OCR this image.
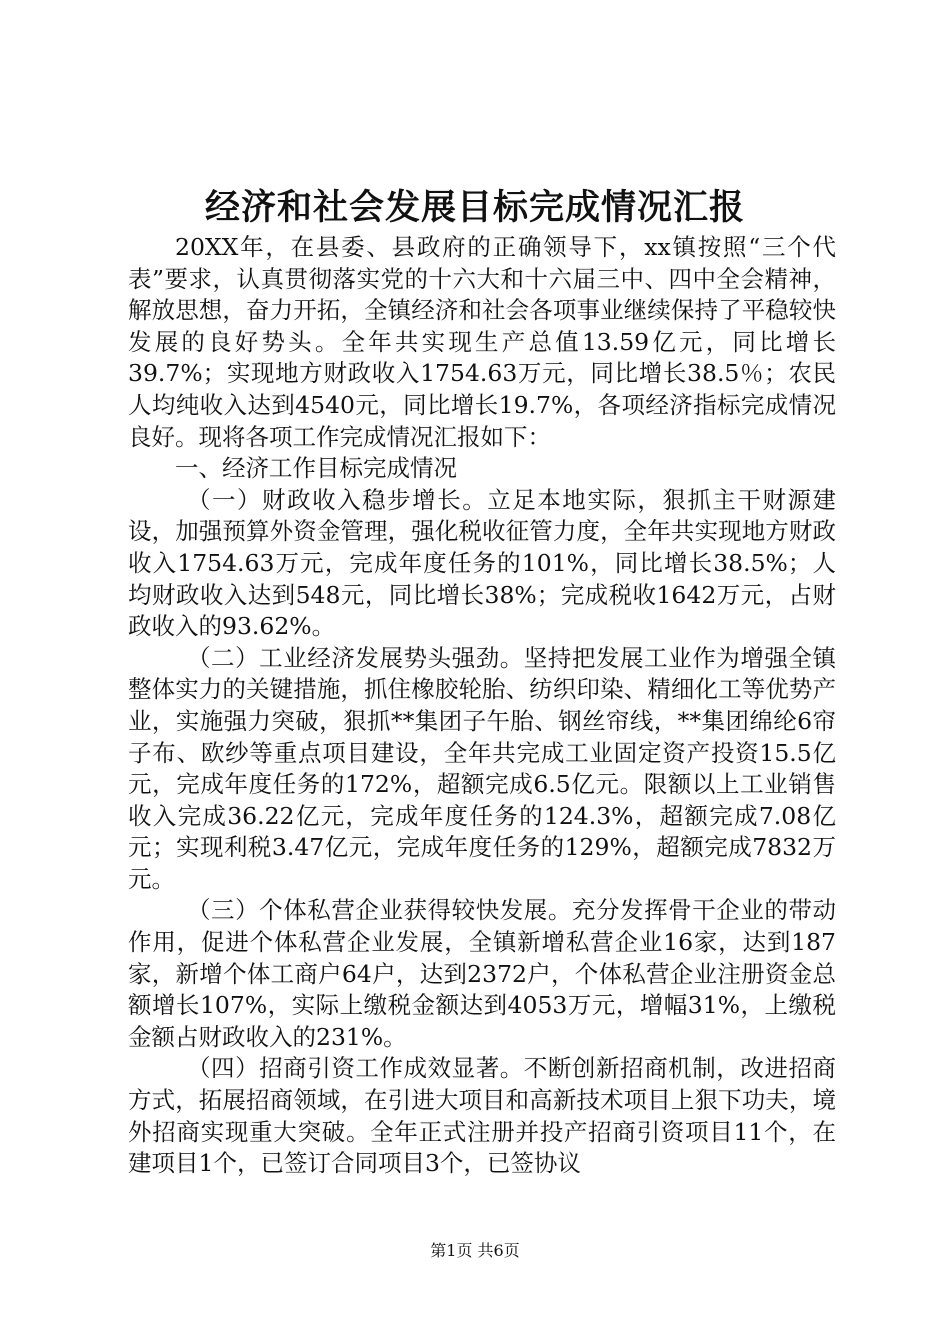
经济和社会发展目标完成情况汇报

20XX年，在县委、县政府的正确领导下，xx镇按照“三个代表”要求，认真贯彻落实党的十六大和十六届三中、四中全会精神，解放思想，奋力开拓，全镇经济和社会各项事业继续保持了平稳较快发展的良好势头。全年共实现生产总值13.59亿元，同比增长39.7%；实现地方财政收入1754.63万元，同比增长38.5％；农民人均纯收入达到4540元，同比增长19.7%，各项经济指标完成情况良好。现将各项工作完成情况汇报如下：

一、经济工作目标完成情况

（一）财政收入稳步增长。立足本地实际，狠抓主干财源建设，加强预算外资金管理，强化税收征管力度，全年共实现地方财政收入1754.63万元，完成年度任务的101%，同比增长38.5%；人均财政收入达到548元，同比增长38%；完成税收1642万元，占财政收入的93.62%。

（二）工业经济发展势头强劲。坚持把发展工业作为增强全镇整体实力的关键措施，抓住橡胶轮胎、纺织印染、精细化工等优势产业，实施强力突破，狠抓**集团子午胎、钢丝帘线，**集团绵纶6帘子布、欧纱等重点项目建设，全年共完成工业固定资产投资15.5亿元，完成年度任务的172%，超额完成6.5亿元。限额以上工业销售收入完成36.22亿元，完成年度任务的124.3%，超额完成7.08亿元；实现利税3.47亿元，完成年度任务的129%，超额完成7832万元。

（三）个体私营企业获得较快发展。充分发挥骨干企业的带动作用，促进个体私营企业发展，全镇新增私营企业16家，达到187家，新增个体工商户64户，达到2372户，个体私营企业注册资金总额增长107%，实际上缴税金额达到4053万元，增幅31%，上缴税金额占财政收入的231%。

（四）招商引资工作成效显著。不断创新招商机制，改进招商方式，拓展招商领域，在引进大项目和高新技术项目上狠下功夫，境外招商实现重大突破。全年正式注册并投产招商引资项目11个，在建项目1个，已签订合同项目3个，已签协议

第1页 共6页
